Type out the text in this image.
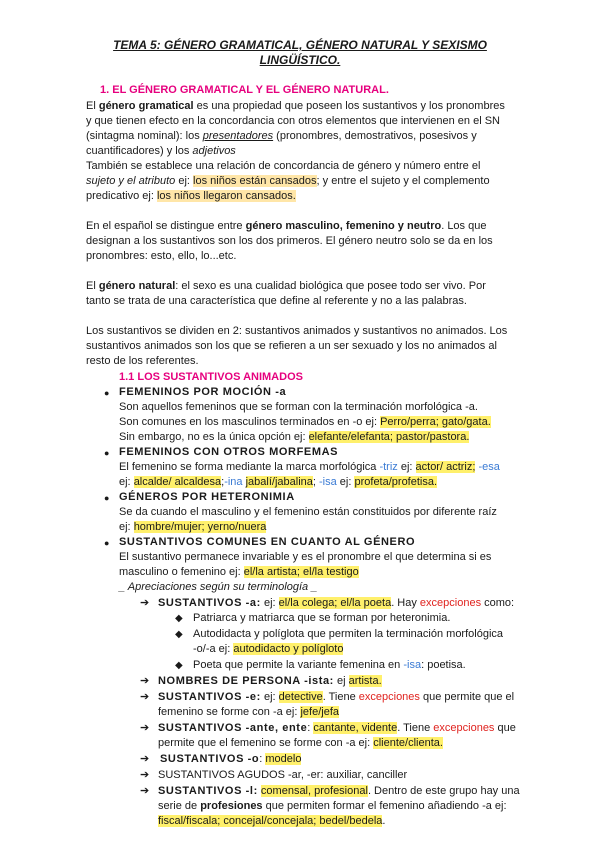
TEMA 5: GÉNERO GRAMATICAL, GÉNERO NATURAL Y SEXISMO
LINGÜÍSTICO.
1. EL GÉNERO GRAMATICAL Y EL GÉNERO NATURAL.
El género gramatical es una propiedad que poseen los sustantivos y los pronombres
y que tienen efecto en la concordancia con otros elementos que intervienen en el SN
(sintagma nominal): los presentadores (pronombres, demostrativos, posesivos y
cuantificadores) y los adjetivos
También se establece una relación de concordancia de género y número entre el
sujeto y el atributo ej: los niños están cansados; y entre el sujeto y el complemento
predicativo ej: los niños llegaron cansados.
En el español se distingue entre género masculino, femenino y neutro. Los que
designan a los sustantivos son los dos primeros. El género neutro solo se da en los
pronombres: esto, ello, lo...etc.
El género natural: el sexo es una cualidad biológica que posee todo ser vivo. Por
tanto se trata de una característica que define al referente y no a las palabras.
Los sustantivos se dividen en 2: sustantivos animados y sustantivos no animados. Los
sustantivos animados son los que se refieren a un ser sexuado y los no animados al
resto de los referentes.
1.1 LOS SUSTANTIVOS ANIMADOS
● FEMENINOS POR MOCIÓN -a
Son aquellos femeninos que se forman con la terminación morfológica -a.
Son comunes en los masculinos terminados en -o ej: Perro/perra; gato/gata.
Sin embargo, no es la única opción ej: elefante/elefanta; pastor/pastora.
● FEMENINOS CON OTROS MORFEMAS
El femenino se forma mediante la marca morfológica -triz ej: actor/ actriz; -esa
ej: alcalde/ alcaldesa;-ina jabalí/jabalina; -isa ej: profeta/profetisa.
● GÉNEROS POR HETERONIMIA
Se da cuando el masculino y el femenino están constituidos por diferente raíz
ej: hombre/mujer; yerno/nuera
● SUSTANTIVOS COMUNES EN CUANTO AL GÉNERO
El sustantivo permanece invariable y es el pronombre el que determina si es
masculino o femenino ej: el/la artista; el/la testigo
_ Apreciaciones según su terminología _
➔ SUSTANTIVOS -a: ej: el/la colega; el/la poeta. Hay excepciones como:
◆ Patriarca y matriarca que se forman por heteronimia.
◆ Autodidacta y políglota que permiten la terminación morfológica
-o/-a ej: autodidacto y polígloto
◆ Poeta que permite la variante femenina en -isa: poetisa.
➔ NOMBRES DE PERSONA -ista: ej artista.
➔ SUSTANTIVOS -e: ej: detective. Tiene excepciones que permite que el
femenino se forme con -a ej: jefe/jefa
➔ SUSTANTIVOS -ante, ente: cantante, vidente. Tiene excepciones que
permite que el femenino se forme con -a ej: cliente/clienta.
➔ SUSTANTIVOS -o: modelo
➔ SUSTANTIVOS AGUDOS -ar, -er: auxiliar, canciller
➔ SUSTANTIVOS -l: comensal, profesional. Dentro de este grupo hay una
serie de profesiones que permiten formar el femenino añadiendo -a ej:
fiscal/fiscala; concejal/concejala; bedel/bedela.
